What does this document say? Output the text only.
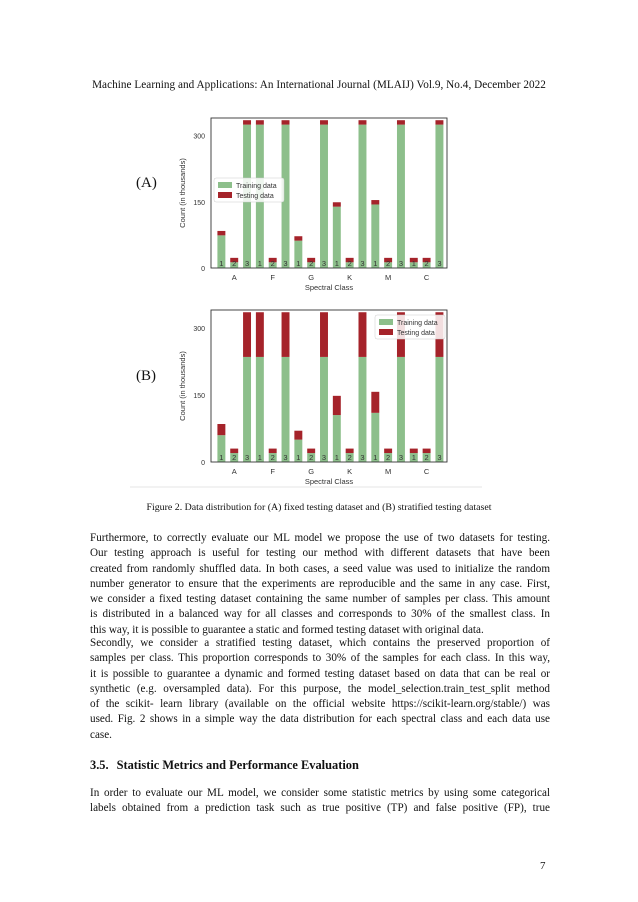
Machine Learning and Applications: An International Journal (MLAIJ) Vol.9, No.4, December 2022
(A)
1 2 3 1 2 3 1 2 3 1 2 3 1 2 3 1 2 3
0
150
300
Count (in thousands)
A	F	G	K	M	C
Spectral Class
Training data
Testing data
(B)
1 2 3 1 2 3 1 2 3 1 2 3 1 2 3 1 2 3
0
150
300
Count (in thousands)
A	F	G	K	M	C
Spectral Class
Training data
Testing data
Figure 2. Data distribution for (A) fixed testing dataset and (B) stratified testing dataset
Furthermore, to correctly evaluate our ML model we propose the use of two datasets for testing.
Our testing approach is useful for testing our method with different datasets that have been
created from randomly shuffled data. In both cases, a seed value was used to initialize the random
number generator to ensure that the experiments are reproducible and the same in any case. First,
we consider a fixed testing dataset containing the same number of samples per class. This amount
is distributed in a balanced way for all classes and corresponds to 30% of the smallest class. In
this way, it is possible to guarantee a static and formed testing dataset with original data.
Secondly, we consider a stratified testing dataset, which contains the preserved proportion of
samples per class. This proportion corresponds to 30% of the samples for each class. In this way,
it is possible to guarantee a dynamic and formed testing dataset based on data that can be real or
synthetic (e.g. oversampled data). For this purpose, the model_selection.train_test_split method
of the scikit- learn library (available on the official website https://scikit-learn.org/stable/) was
used. Fig. 2 shows in a simple way the data distribution for each spectral class and each data use
case.
3.5. Statistic Metrics and Performance Evaluation
In order to evaluate our ML model, we consider some statistic metrics by using some categorical
labels obtained from a prediction task such as true positive (TP) and false positive (FP), true
7
